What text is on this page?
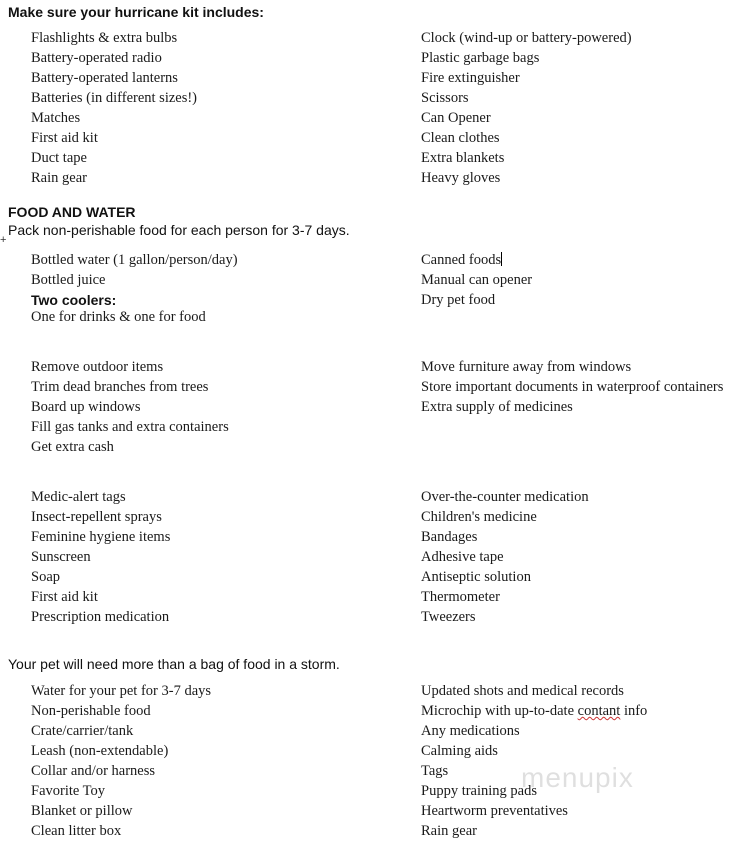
Make sure your hurricane kit includes:
FOOD AND WATER
Pack non-perishable food for each person for 3-7 days.
+
Two coolers:
One for drinks & one for food
Your pet will need more than a bag of food in a storm.
menupix
Flashlights & extra bulbs
Battery-operated radio
Battery-operated lanterns
Batteries (in different sizes!)
Matches
First aid kit
Duct tape
Rain gear
Clock (wind-up or battery-powered)
Plastic garbage bags
Fire extinguisher
Scissors
Can Opener
Clean clothes
Extra blankets
Heavy gloves
Bottled water (1 gallon/person/day)
Bottled juice
Canned foods
Manual can opener
Dry pet food
Remove outdoor items
Trim dead branches from trees
Board up windows
Fill gas tanks and extra containers
Get extra cash
Move furniture away from windows
Store important documents in waterproof containers
Extra supply of medicines
Medic-alert tags
Insect-repellent sprays
Feminine hygiene items
Sunscreen
Soap
First aid kit
Prescription medication
Over-the-counter medication
Children's medicine
Bandages
Adhesive tape
Antiseptic solution
Thermometer
Tweezers
Water for your pet for 3-7 days
Non-perishable food
Crate/carrier/tank
Leash (non-extendable)
Collar and/or harness
Favorite Toy
Blanket or pillow
Clean litter box
Updated shots and medical records
Microchip with up-to-date contant info
Any medications
Calming aids
Tags
Puppy training pads
Heartworm preventatives
Rain gear
